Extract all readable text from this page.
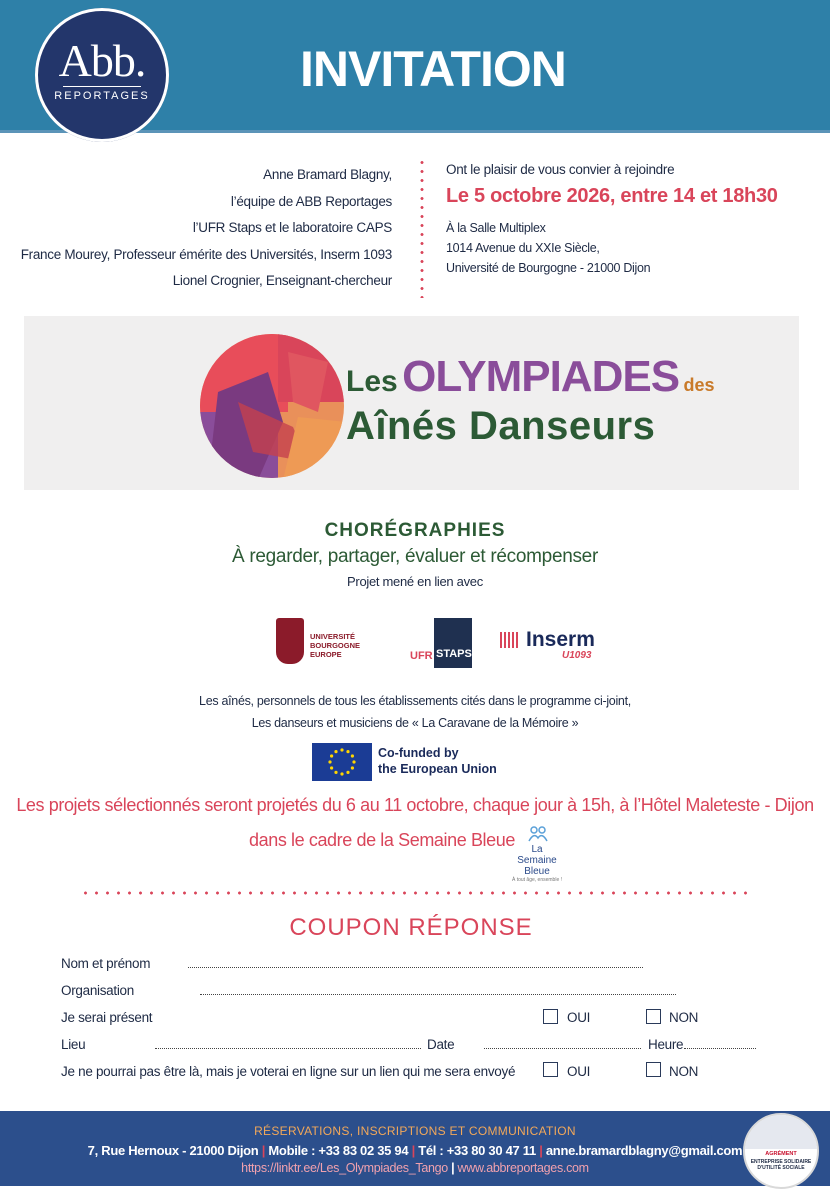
INVITATION
Abb.
REPORTAGES
Anne Bramard Blagny,
l’équipe de ABB Reportages
l’UFR Staps et le laboratoire CAPS
France Mourey, Professeur émérite des Universités, Inserm 1093
Lionel Crognier, Enseignant-chercheur
Ont le plaisir de vous convier à rejoindre
Le 5 octobre 2026, entre 14 et 18h30
À la Salle Multiplex
1014 Avenue du XXIe Siècle,
Université de Bourgogne - 21000 Dijon
Les OLYMPIADES des
Aînés Danseurs
CHORÉGRAPHIES
À regarder, partager, évaluer et récompenser
Projet mené en lien avec
UNIVERSITÉ
BOURGOGNE
EUROPE	UFR STAPS
Inserm
U1093
Les aînés, personnels de tous les établissements cités dans le programme ci-joint,
Les danseurs et musiciens de « La Caravane de la Mémoire »
Co-funded by
the European Union
Les projets sélectionnés seront projetés du 6 au 11 octobre, chaque jour à 15h, à l’Hôtel Maleteste - Dijon
dans le cadre de la Semaine Bleue	La
Semaine
Bleue
À tout âge, ensemble !
COUPON RÉPONSE
Nom et prénom
Organisation
Je serai présent	OUI	NON
Lieu	Date	Heure
Je ne pourrai pas être là, mais je voterai en ligne sur un lien qui me sera envoyé	OUI	NON
RÉSERVATIONS, INSCRIPTIONS ET COMMUNICATION
7, Rue Hernoux - 21000 Dijon | Mobile : +33 83 02 35 94 | Tél : +33 80 30 47 11 | anne.bramardblagny@gmail.com
https://linktr.ee/Les_Olympiades_Tango | www.abbreportages.com
AGRÉMENT
ENTREPRISE SOLIDAIRE
D'UTILITÉ SOCIALE
